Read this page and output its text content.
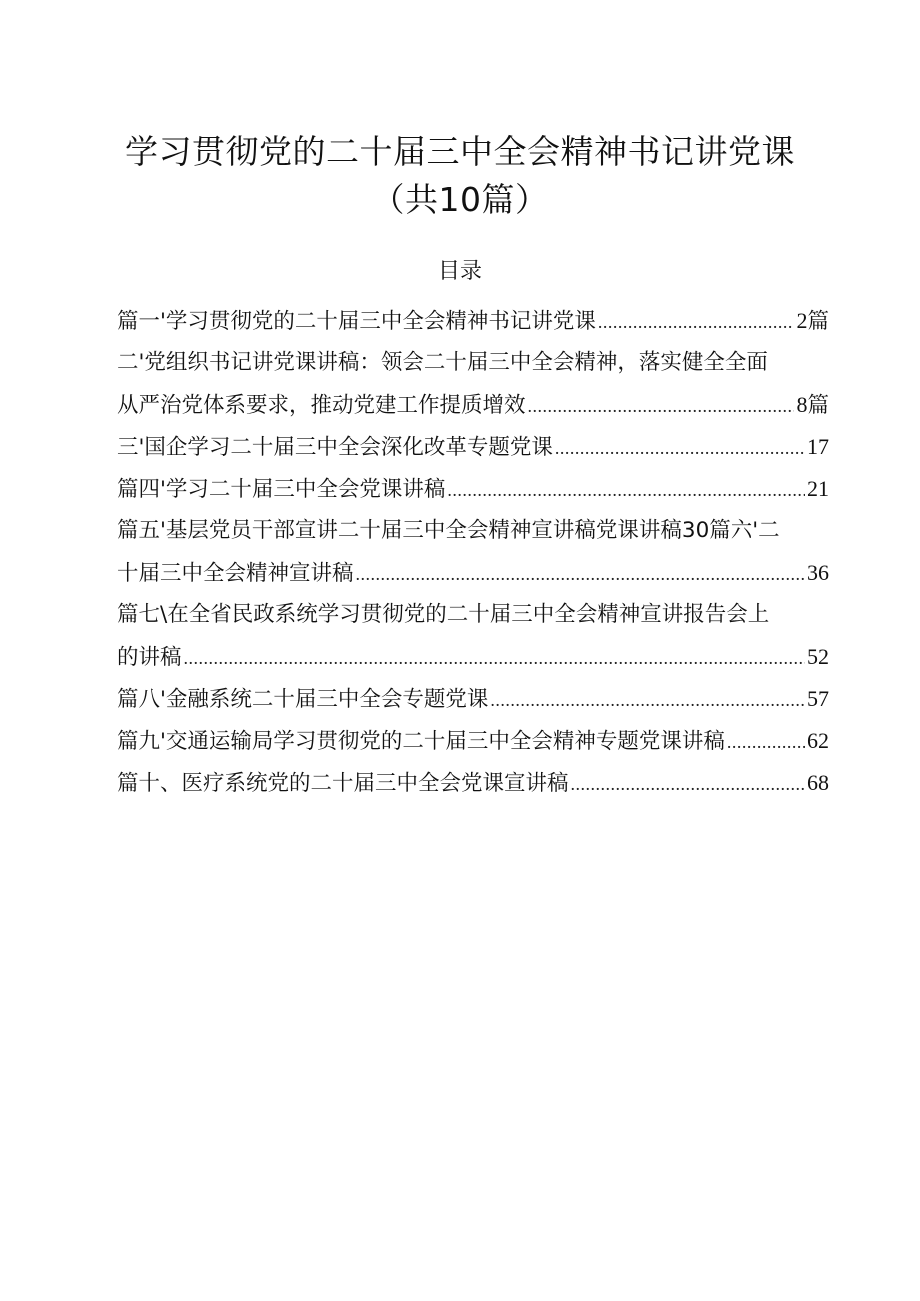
学习贯彻党的二十届三中全会精神书记讲党课
（共10篇）
目录
篇一'学习贯彻党的二十届三中全会精神书记讲党课 .....	2 篇
二'党组织书记讲党课讲稿：领会二十届三中全会精神，落实健全全面
从严治党体系要求，推动党建工作提质增效 .....	8 篇
三'国企学习二十届三中全会深化改革专题党课 .....	17
篇四'学习二十届三中全会党课讲稿 .....	21
篇五'基层党员干部宣讲二十届三中全会精神宣讲稿党课讲稿30篇六'二
十届三中全会精神宣讲稿 .....	36
篇七\在全省民政系统学习贯彻党的二十届三中全会精神宣讲报告会上
的讲稿 .....	52
篇八'金融系统二十届三中全会专题党课 .....	57
篇九'交通运输局学习贯彻党的二十届三中全会精神专题党课讲稿 .....	62
篇十、医疗系统党的二十届三中全会党课宣讲稿 .....	68
